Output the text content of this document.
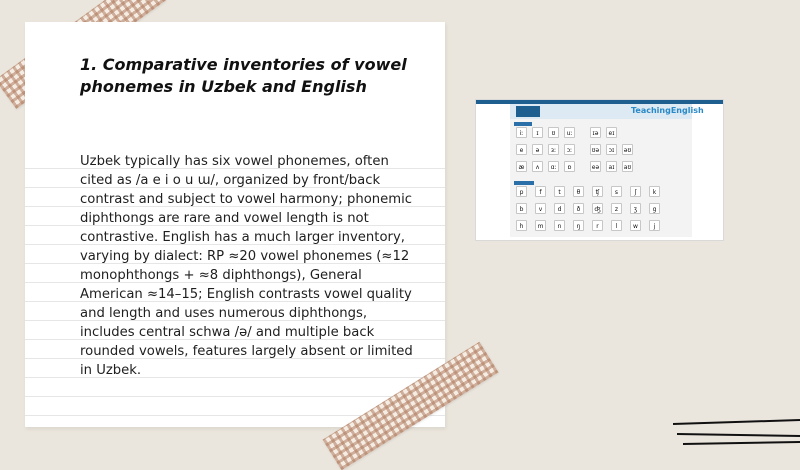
1. Comparative inventories of vowel phonemes in Uzbek and English

Uzbek typically has six vowel phonemes, often cited as /a e i o u ɯ/, organized by front/back contrast and subject to vowel harmony; phonemic diphthongs are rare and vowel length is not contrastive. English has a much larger inventory, varying by dialect: RP ≈20 vowel phonemes (≈12 monophthongs + ≈8 diphthongs), General American ≈14–15; English contrasts vowel quality and length and uses numerous diphthongs, includes central schwa /ə/ and multiple back rounded vowels, features largely absent or limited in Uzbek.

TeachingEnglish
iː	ɪ	ʊ	uː	ɪə	eɪ
e	ə	ɜː	ɔː	ʊə	ɔɪ	əʊ
æ	ʌ	ɑː	ɒ	eə	aɪ	aʊ
p	f	t	θ	ʧ	s	ʃ	k
b	v	d	ð	ʤ	z	ʒ	g
h	m	n	ŋ	r	l	w	j
